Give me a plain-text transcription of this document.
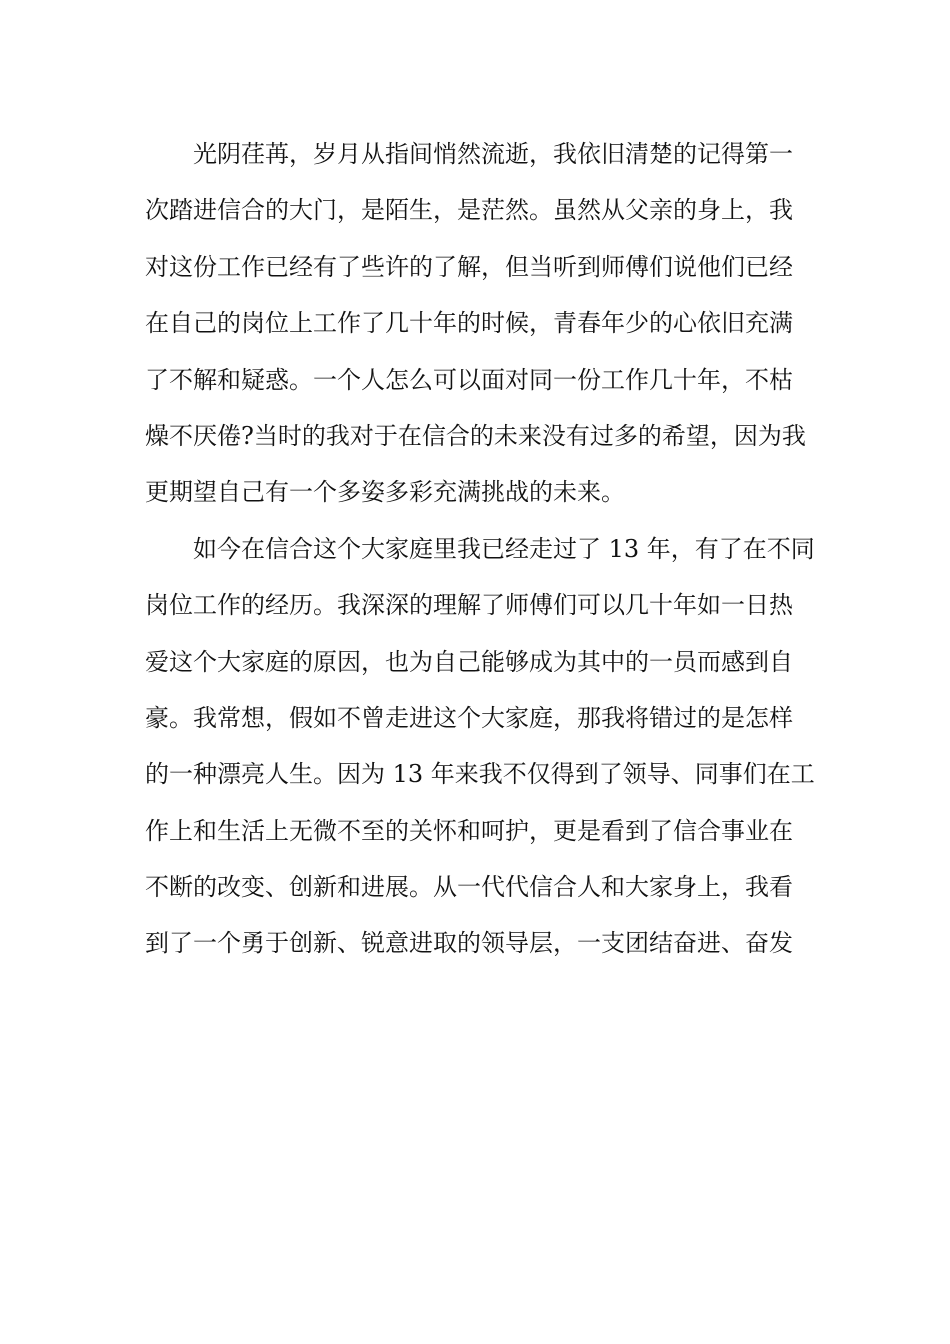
光阴荏苒，岁月从指间悄然流逝，我依旧清楚的记得第一
次踏进信合的大门，是陌生，是茫然。虽然从父亲的身上，我
对这份工作已经有了些许的了解，但当听到师傅们说他们已经
在自己的岗位上工作了几十年的时候，青春年少的心依旧充满
了不解和疑惑。一个人怎么可以面对同一份工作几十年，不枯
燥不厌倦?当时的我对于在信合的未来没有过多的希望，因为我
更期望自己有一个多姿多彩充满挑战的未来。
如今在信合这个大家庭里我已经走过了 13 年，有了在不同
岗位工作的经历。我深深的理解了师傅们可以几十年如一日热
爱这个大家庭的原因，也为自己能够成为其中的一员而感到自
豪。我常想，假如不曾走进这个大家庭，那我将错过的是怎样
的一种漂亮人生。因为 13 年来我不仅得到了领导、同事们在工
作上和生活上无微不至的关怀和呵护，更是看到了信合事业在
不断的改变、创新和进展。从一代代信合人和大家身上，我看
到了一个勇于创新、锐意进取的领导层，一支团结奋进、奋发
